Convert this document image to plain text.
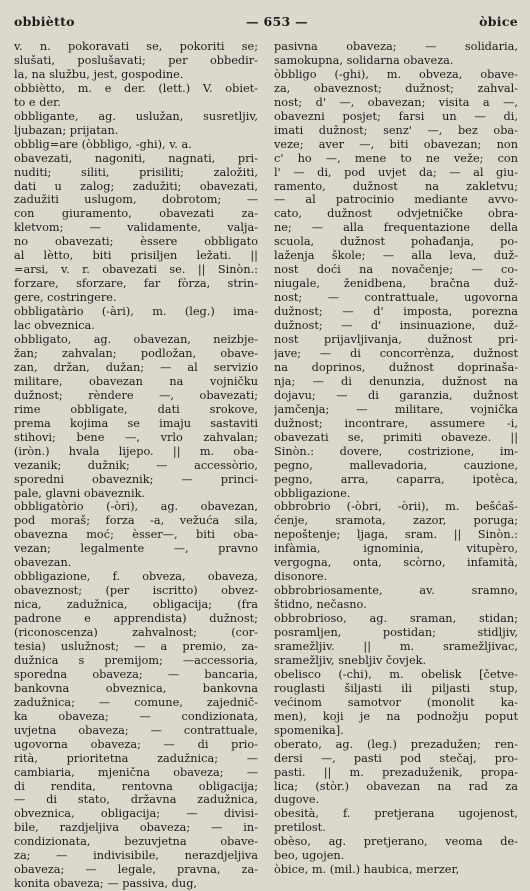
obbiètto	— 653 —	òbice
v. n. pokoravati se, pokoriti se;
slušati, poslušavati; per obbedir-
la, na službu, jest, gospodine.
obbiètto, m. e der. (lett.) V. obiet-
to e der.
obbligante, ag. uslužan, susretljiv,
ljubazan; prijatan.
obblig=are (òbbligo, -ghi), v. a.
obavezati, nagoniti, nagnati, pri-
nuditi; siliti, prisiliti; založiti,
dati u zalog; zadužiti; obavezati,
zadužiti uslugom, dobrotom; —
con giuramento, obavezati za-
kletvom; — validamente, valja-
no obavezati; èssere obbligato
al lètto, biti prisiljen ležati. ||
=arsi, v. r. obavezati se. || Sinòn.:
forzare, sforzare, far fòrza, strin-
gere, costringere.
obbligatàrio (-àri), m. (leg.) ima-
lac obveznica.
obbligato, ag. obavezan, neizbje-
žan; zahvalan; podložan, obave-
zan, držan, dužan; — al servizio
militare, obavezan na vojničku
dužnost; rèndere —, obavezati;
rime obbligate, dati srokove,
prema kojima se imaju sastaviti
stihovi; bene —, vrlo zahvalan;
(iròn.) hvala lijepo. || m. oba-
vezanik; dužnik; — accessòrio,
sporedni obaveznik; — princi-
pale, glavni obaveznik.
obbligatòrio (-òri), ag. obavezan,
pod moraš; forza -a, vežuća sila,
obavezna moć; èsser—, biti oba-
vezan; legalmente —, pravno
obavezan.
obbligazione, f. obveza, obaveza,
obaveznost; (per iscritto) obvez-
nica, zadužnica, obligacija; (fra
padrone e apprendista) dužnost;
(riconoscenza) zahvalnost; (cor-
tesia) uslužnost; — a premio, za-
dužnica s premijom; —accessoria,
sporedna obaveza; — bancaria,
bankovna obveznica, bankovna
zadužnica; — comune, zajednič-
ka obaveza; — condizionata,
uvjetna obaveza; — contrattuale,
ugovorna obaveza; — di prio-
rità, prioritetna zadužnica; —
cambiaria, mjenična obaveza; —
di rendita, rentovna obligacija;
— di stato, državna zadužnica,
obveznica, obligacija; — divisi-
bile, razdjeljiva obaveza; — in-
condizionata, bezuvjetna obave-
za; — indivisibile, nerazdjeljiva
obaveza; — legale, pravna, za-
konita obaveza; — passiva, dug,
pasivna obaveza; — solidaria,
samokupna, solidarna obaveza.
òbbligo (-ghi), m. obveza, obave-
za, obaveznost; dužnost; zahval-
nost; d' —, obavezan; visita a —,
obavezni posjet; farsi un — di,
imati dužnost; senz' —, bez oba-
veze; aver —, biti obavezan; non
c' ho —, mene to ne veže; con
l' — di, pod uvjet da; — al giu-
ramento, dužnost na zakletvu;
— al patrocinio mediante avvo-
cato, dužnost odvjetničke obra-
ne; — alla frequentazione della
scuola, dužnost pohađanja, po-
laženja škole; — alla leva, duž-
nost doći na novačenje; — co-
niugale, ženidbena, bračna duž-
nost; — contrattuale, ugovorna
dužnost; — d' imposta, porezna
dužnost; — d' insinuazione, duž-
nost prijavljivanja, dužnost pri-
jave; — di concorrènza, dužnost
na doprinos, dužnost doprinaša-
nja; — di denunzia, dužnost na
dojavu; — di garanzia, dužnost
jamčenja; — militare, vojnička
dužnost; incontrare, assumere -i,
obavezati se, primiti obaveze. ||
Sinòn.: dovere, costrizione, im-
pegno, mallevadoria, cauzione,
pegno, arra, caparra, ipotèca,
obbligazione.
obbrobrio (-òbri, -òrii), m. bešćaš-
ćenje, sramota, zazor, poruga;
nepoštenje; ljaga, sram. || Sinòn.:
infàmia, ignominia, vitupèro,
vergogna, onta, scòrno, infamità,
disonore.
obbrobriosamente, av. sramno,
štidno, nečasno.
obbrobrioso, ag. sraman, stidan;
posramljen, postidan; stidljiv,
sramežljiv. || m. sramežljivac,
sramežljiv, snebljiv čovjek.
obelisco (-chi), m. obelisk [četve-
rouglasti šiljasti ili piljasti stup,
većinom samotvor (monolit ka-
men), koji je na podnožju poput
spomenika].
oberato, ag. (leg.) prezadužen; ren-
dersi —, pasti pod stečaj, pro-
pasti. || m. prezaduženik, propa-
lica; (stòr.) obavezan na rad za
dugove.
obesità, f. pretjerana ugojenost,
pretilost.
obèso, ag. pretjerano, veoma de-
beo, ugojen.
òbice, m. (mil.) haubica, merzer,
